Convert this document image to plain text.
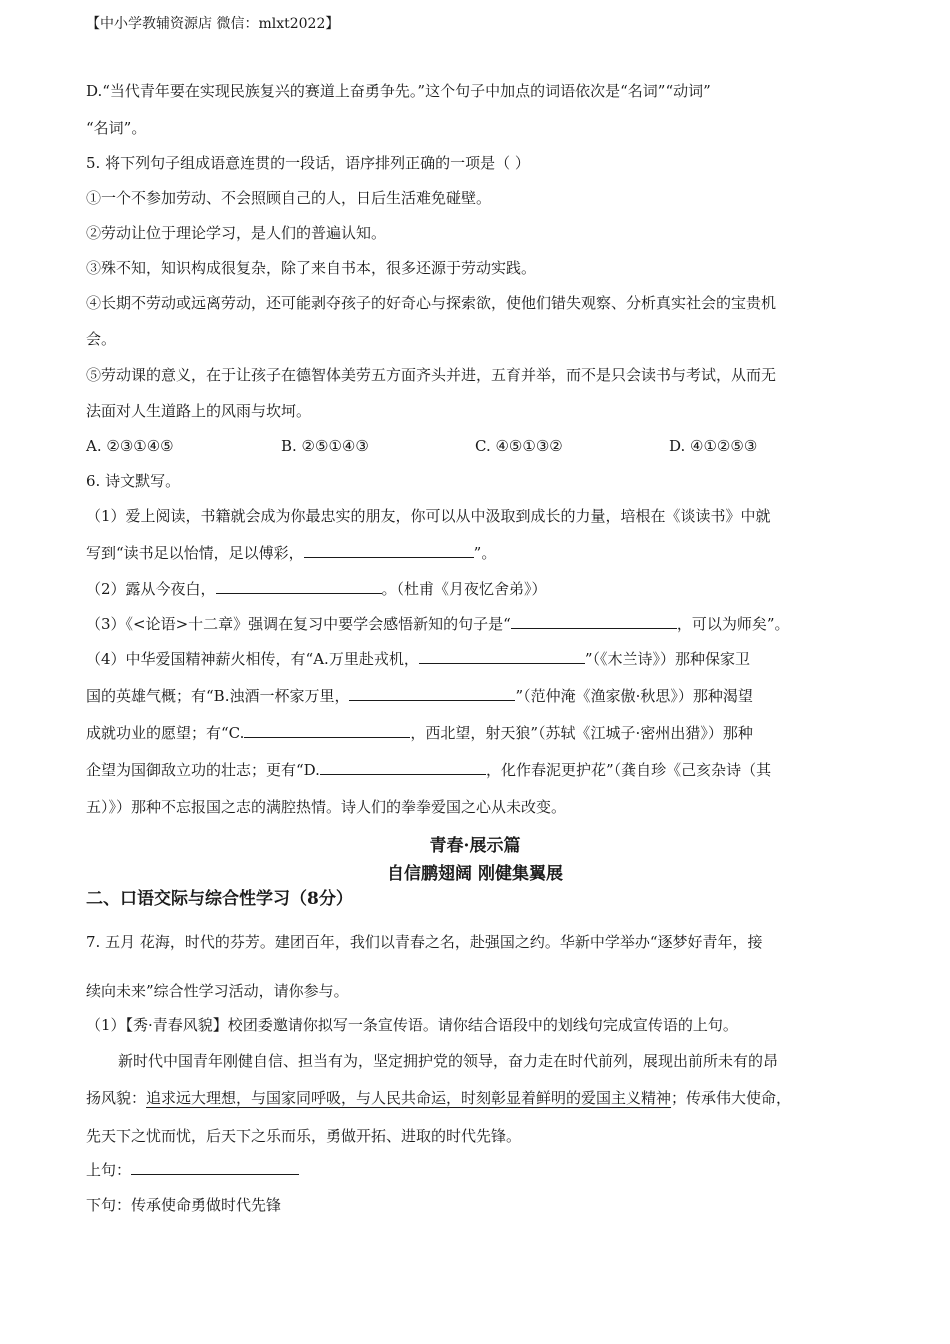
【中小学教辅资源店 微信：mlxt2022】
D.“当代青年要在实现民族复兴的赛道上奋勇争先。”这个句子中加点的词语依次是“名词”“动词”
“名词”。
5. 将下列句子组成语意连贯的一段话，语序排列正确的一项是（ ）
①一个不参加劳动、不会照顾自己的人，日后生活难免碰壁。
②劳动让位于理论学习，是人们的普遍认知。
③殊不知，知识构成很复杂，除了来自书本，很多还源于劳动实践。
④长期不劳动或远离劳动，还可能剥夺孩子的好奇心与探索欲，使他们错失观察、分析真实社会的宝贵机
会。
⑤劳动课的意义，在于让孩子在德智体美劳五方面齐头并进，五育并举，而不是只会读书与考试，从而无
法面对人生道路上的风雨与坎坷。
A. ②③①④⑤	B. ②⑤①④③	C. ④⑤①③②	D. ④①②⑤③
6. 诗文默写。
（1）爱上阅读，书籍就会成为你最忠实的朋友，你可以从中汲取到成长的力量，培根在《谈读书》中就
写到“读书足以怡情，足以傅彩，	”。
（2）露从今夜白，	。（杜甫《月夜忆舍弟》）
（3）《<论语>十二章》强调在复习中要学会感悟新知的句子是“	，可以为师矣”。
（4）中华爱国精神薪火相传，有“A.万里赴戎机，	”（《木兰诗》）那种保家卫
国的英雄气概；有“B.浊酒一杯家万里，	”（范仲淹《渔家傲·秋思》）那种渴望
成就功业的愿望；有“C.	，西北望，射天狼”（苏轼《江城子·密州出猎》）那种
企望为国御敌立功的壮志；更有“D.	，化作春泥更护花”（龚自珍《己亥杂诗（其
五）》）那种不忘报国之志的满腔热情。诗人们的拳拳爱国之心从未改变。
青春·展示篇
自信鹏翅阔 刚健集翼展
二、口语交际与综合性学习（8分）
7. 五月 花海，时代的芬芳。建团百年，我们以青春之名，赴强国之约。华新中学举办“逐梦好青年，接
续向未来”综合性学习活动，请你参与。
（1）【秀·青春风貌】校团委邀请你拟写一条宣传语。请你结合语段中的划线句完成宣传语的上句。
新时代中国青年刚健自信、担当有为，坚定拥护党的领导，奋力走在时代前列，展现出前所未有的昂
扬风貌：追求远大理想，与国家同呼吸，与人民共命运，时刻彰显着鲜明的爱国主义精神；传承伟大使命，
先天下之忧而忧，后天下之乐而乐，勇做开拓、进取的时代先锋。
上句：
下句：传承使命勇做时代先锋
